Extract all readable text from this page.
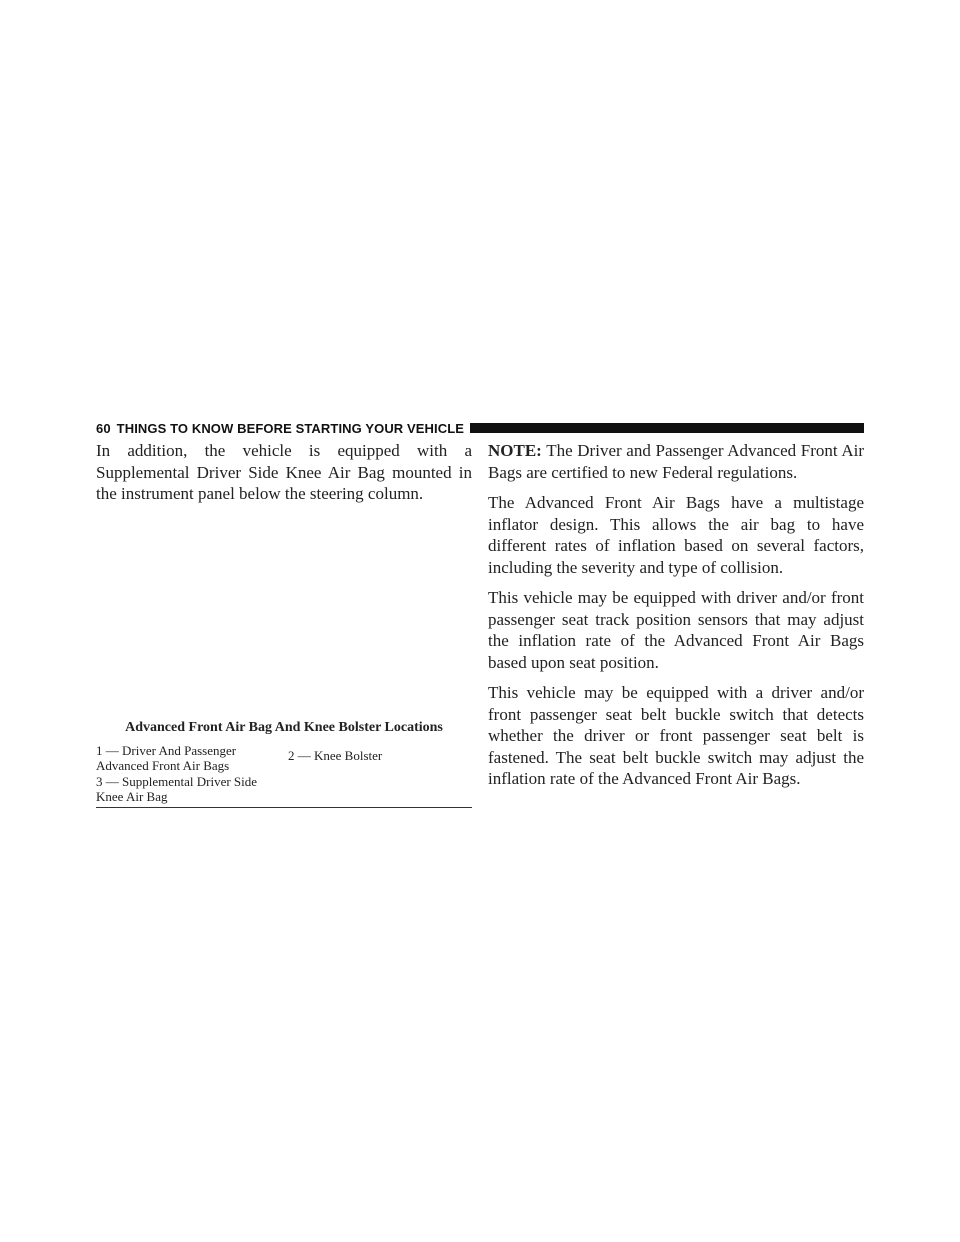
60 THINGS TO KNOW BEFORE STARTING YOUR VEHICLE

In addition, the vehicle is equipped with a Supplemental Driver Side Knee Air Bag mounted in the instrument panel below the steering column.

Advanced Front Air Bag And Knee Bolster Locations
1 — Driver And Passenger
Advanced Front Air Bags
2 — Knee Bolster
3 — Supplemental Driver Side
Knee Air Bag

NOTE: The Driver and Passenger Advanced Front Air Bags are certified to new Federal regulations.

The Advanced Front Air Bags have a multistage inflator design. This allows the air bag to have different rates of inflation based on several factors, including the severity and type of collision.

This vehicle may be equipped with driver and/or front passenger seat track position sensors that may adjust the inflation rate of the Advanced Front Air Bags based upon seat position.

This vehicle may be equipped with a driver and/or front passenger seat belt buckle switch that detects whether the driver or front passenger seat belt is fastened. The seat belt buckle switch may adjust the inflation rate of the Advanced Front Air Bags.
